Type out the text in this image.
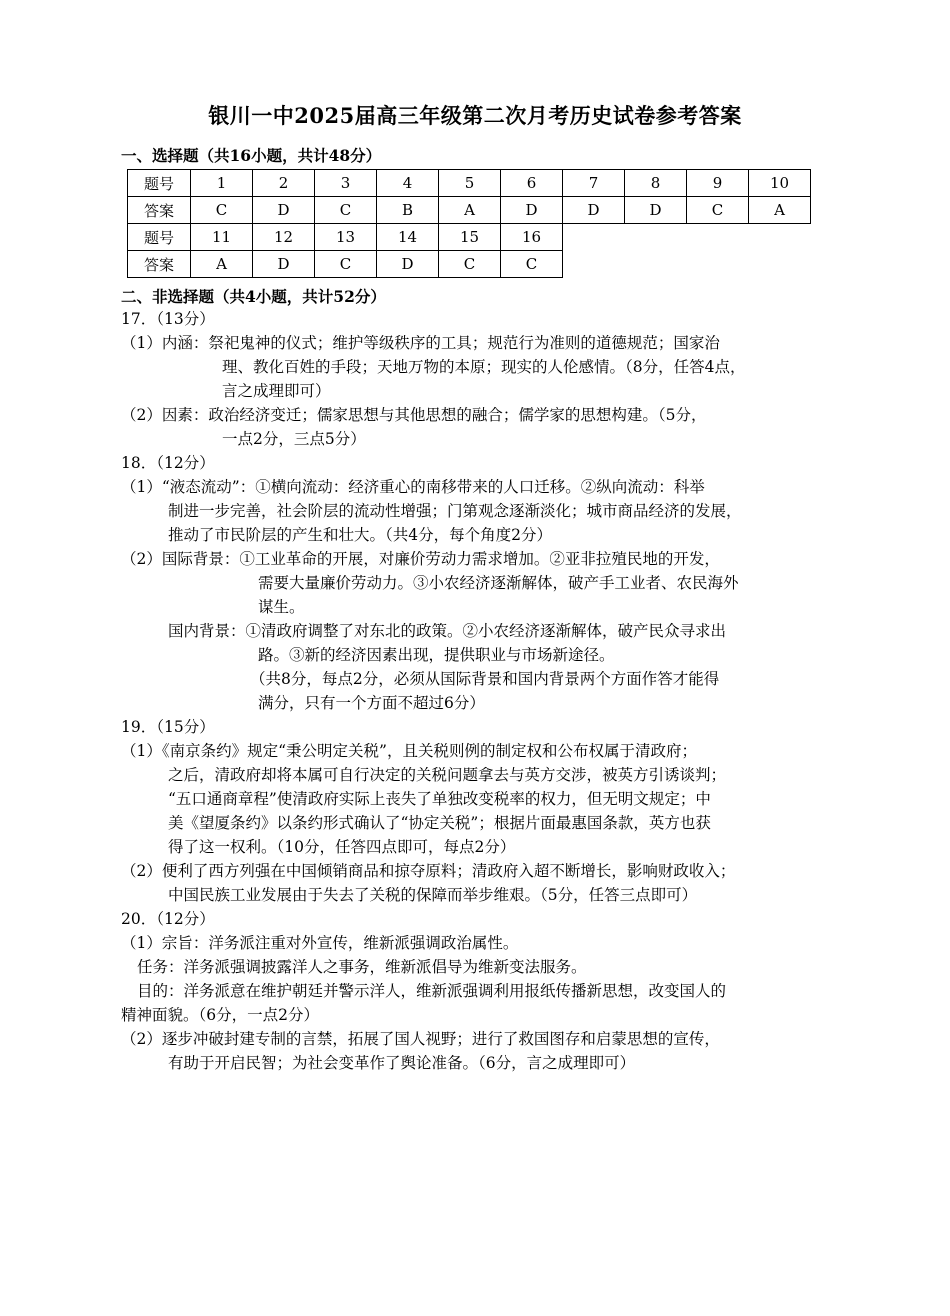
银川一中2025届高三年级第二次月考历史试卷参考答案
一、选择题（共16小题，共计48分）
题号	1	2	3	4	5	6	7	8	9	10
答案	C	D	C	B	A	D	D	D	C	A
题号	11	12	13	14	15	16				
答案	A	D	C	D	C	C				
二、非选择题（共4小题，共计52分）
17．（13分）
（1）内涵：祭祀鬼神的仪式；维护等级秩序的工具；规范行为准则的道德规范；国家治
理、教化百姓的手段；天地万物的本原；现实的人伦感情。（8分，任答4点，
言之成理即可）
（2）因素：政治经济变迁；儒家思想与其他思想的融合；儒学家的思想构建。（5分，
一点2分，三点5分）
18．（12分）
（1）“液态流动”：①横向流动：经济重心的南移带来的人口迁移。②纵向流动：科举
制进一步完善，社会阶层的流动性增强；门第观念逐渐淡化；城市商品经济的发展，
推动了市民阶层的产生和壮大。（共4分，每个角度2分）
（2）国际背景：①工业革命的开展，对廉价劳动力需求增加。②亚非拉殖民地的开发，
需要大量廉价劳动力。③小农经济逐渐解体，破产手工业者、农民海外
谋生。
国内背景：①清政府调整了对东北的政策。②小农经济逐渐解体，破产民众寻求出
路。③新的经济因素出现，提供职业与市场新途径。
（共8分，每点2分，必须从国际背景和国内背景两个方面作答才能得
满分，只有一个方面不超过6分）
19．（15分）
（1）《南京条约》规定“秉公明定关税”，且关税则例的制定权和公布权属于清政府；
之后，清政府却将本属可自行决定的关税问题拿去与英方交涉，被英方引诱谈判；
“五口通商章程”使清政府实际上丧失了单独改变税率的权力，但无明文规定；中
美《望厦条约》以条约形式确认了“协定关税”；根据片面最惠国条款，英方也获
得了这一权利。（10分，任答四点即可，每点2分）
（2）便利了西方列强在中国倾销商品和掠夺原料；清政府入超不断增长，影响财政收入；
中国民族工业发展由于失去了关税的保障而举步维艰。（5分，任答三点即可）
20．（12分）
（1）宗旨：洋务派注重对外宣传，维新派强调政治属性。
任务：洋务派强调披露洋人之事务，维新派倡导为维新变法服务。
目的：洋务派意在维护朝廷并警示洋人，维新派强调利用报纸传播新思想，改变国人的
精神面貌。（6分，一点2分）
（2）逐步冲破封建专制的言禁，拓展了国人视野；进行了救国图存和启蒙思想的宣传，
有助于开启民智；为社会变革作了舆论准备。（6分，言之成理即可）
